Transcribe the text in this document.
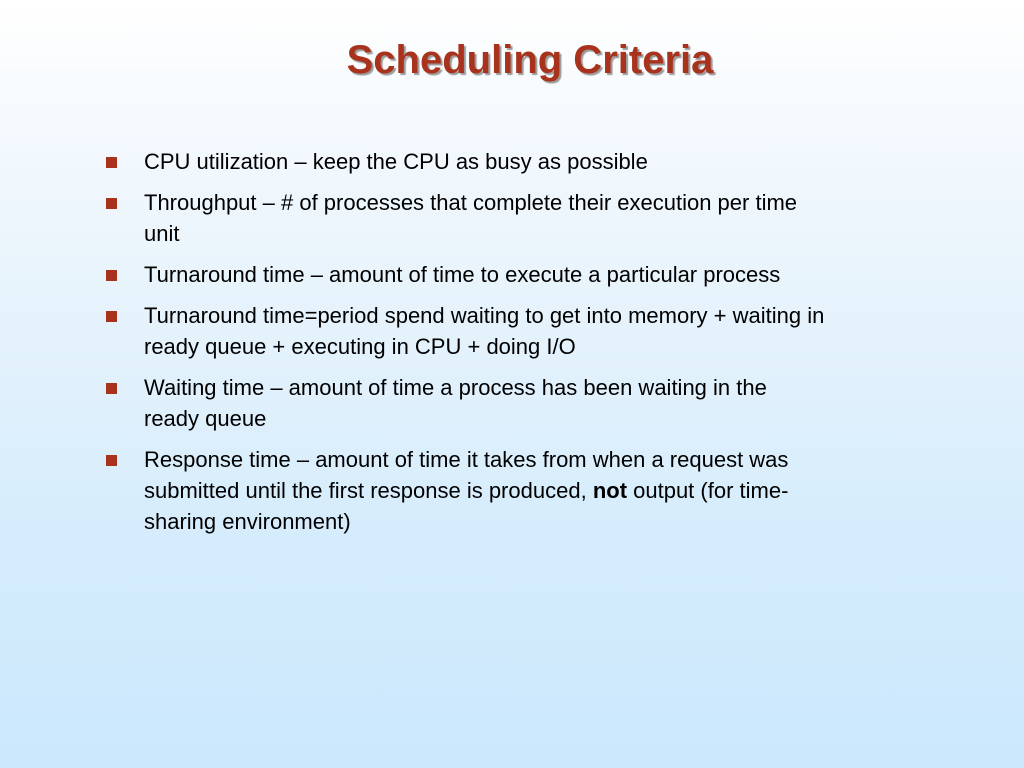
Scheduling Criteria
CPU utilization – keep the CPU as busy as possible
Throughput – # of processes that complete their execution per time unit
Turnaround time – amount of time to execute a particular process
Turnaround time=period spend waiting to get into memory + waiting in ready queue + executing in CPU + doing I/O
Waiting time – amount of time a process has been waiting in the ready queue
Response time – amount of time it takes from when a request was submitted until the first response is produced, not output (for time-sharing environment)
